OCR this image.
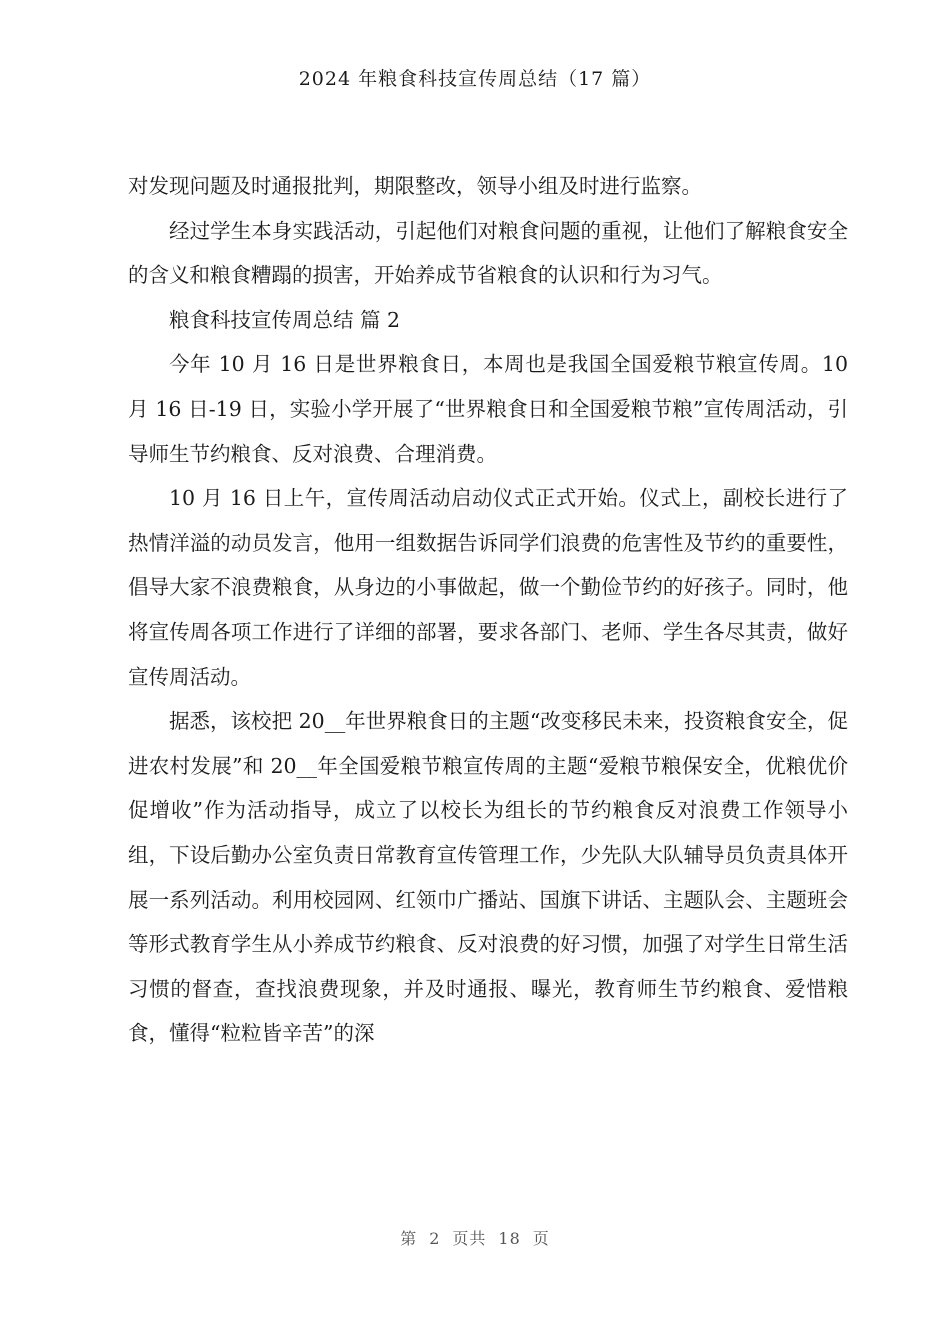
2024 年粮食科技宣传周总结（17 篇）

对发现问题及时通报批判，期限整改，领导小组及时进行监察。

经过学生本身实践活动，引起他们对粮食问题的重视，让他们了解粮食安全的含义和粮食糟蹋的损害，开始养成节省粮食的认识和行为习气。

粮食科技宣传周总结 篇 2

今年 10 月 16 日是世界粮食日，本周也是我国全国爱粮节粮宣传周。10 月 16 日-19 日，实验小学开展了“世界粮食日和全国爱粮节粮”宣传周活动，引导师生节约粮食、反对浪费、合理消费。

10 月 16 日上午，宣传周活动启动仪式正式开始。仪式上，副校长进行了热情洋溢的动员发言，他用一组数据告诉同学们浪费的危害性及节约的重要性，倡导大家不浪费粮食，从身边的小事做起，做一个勤俭节约的好孩子。同时，他将宣传周各项工作进行了详细的部署，要求各部门、老师、学生各尽其责，做好宣传周活动。

据悉，该校把 20__年世界粮食日的主题“改变移民未来，投资粮食安全，促进农村发展”和 20__年全国爱粮节粮宣传周的主题“爱粮节粮保安全，优粮优价促增收”作为活动指导，成立了以校长为组长的节约粮食反对浪费工作领导小组，下设后勤办公室负责日常教育宣传管理工作，少先队大队辅导员负责具体开展一系列活动。利用校园网、红领巾广播站、国旗下讲话、主题队会、主题班会等形式教育学生从小养成节约粮食、反对浪费的好习惯，加强了对学生日常生活习惯的督查，查找浪费现象，并及时通报、曝光，教育师生节约粮食、爱惜粮食，懂得“粒粒皆辛苦”的深

第 2 页共 18 页
